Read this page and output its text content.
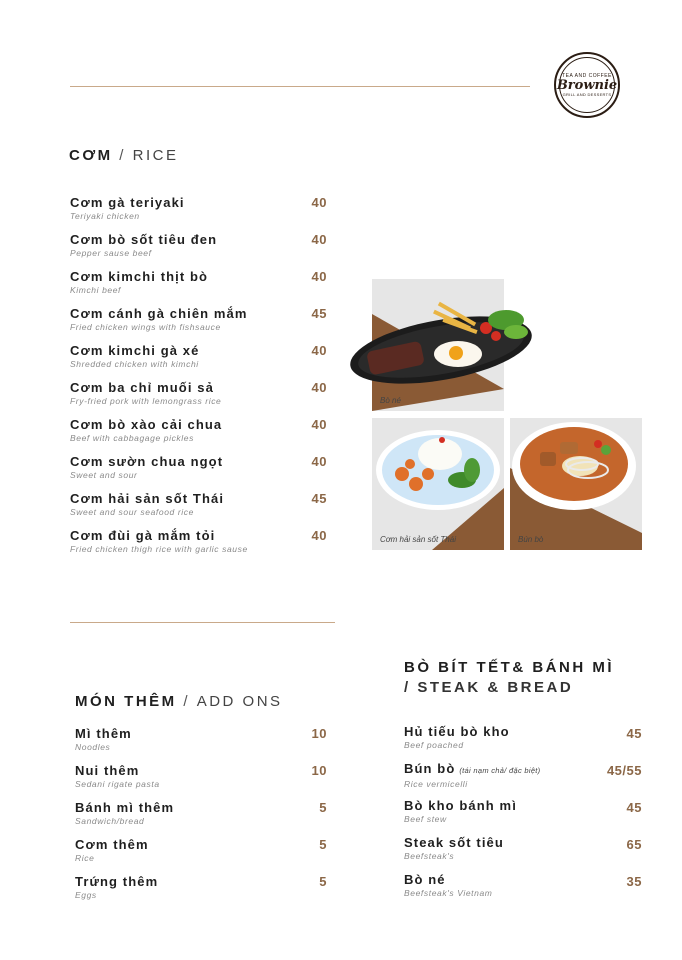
TEA AND COFFEE
Brownie
GRILL AND DESSERTS
CƠM / RICE
Cơm gà teriyaki
Teriyaki chicken
40
Cơm bò sốt tiêu đen
Pepper sause beef
40
Cơm kimchi thịt bò
Kimchi beef
40
Cơm cánh gà chiên mắm
Fried chicken wings with fishsauce
45
Cơm kimchi gà xé
Shredded chicken with kimchi
40
Cơm ba chỉ muối sả
Fry-fried pork with lemongrass rice
40
Cơm bò xào cải chua
Beef with cabbagage pickles
40
Cơm sườn chua ngọt
Sweet and sour
40
Cơm hải sản sốt Thái
Sweet and sour seafood rice
45
Cơm đùi gà mắm tỏi
Fried chicken thigh rice with garlic sause
40
Bò né
Cơm hải sản sốt Thái	Bún bò
MÓN THÊM / ADD ONS
Mì thêm
Noodles
10
Nui thêm
Sedani rigate pasta
10
Bánh mì thêm
Sandwich/bread
5
Cơm thêm
Rice
5
Trứng thêm
Eggs
5
BÒ BÍT TẾT& BÁNH MÌ
/ STEAK & BREAD
Hủ tiếu bò kho
Beef poached
45
Bún bò (tái nạm chả/ đặc biệt)
Rice vermicelli
45/55
Bò kho bánh mì
Beef stew
45
Steak sốt tiêu
Beefsteak's
65
Bò né
Beefsteak's Vietnam
35
